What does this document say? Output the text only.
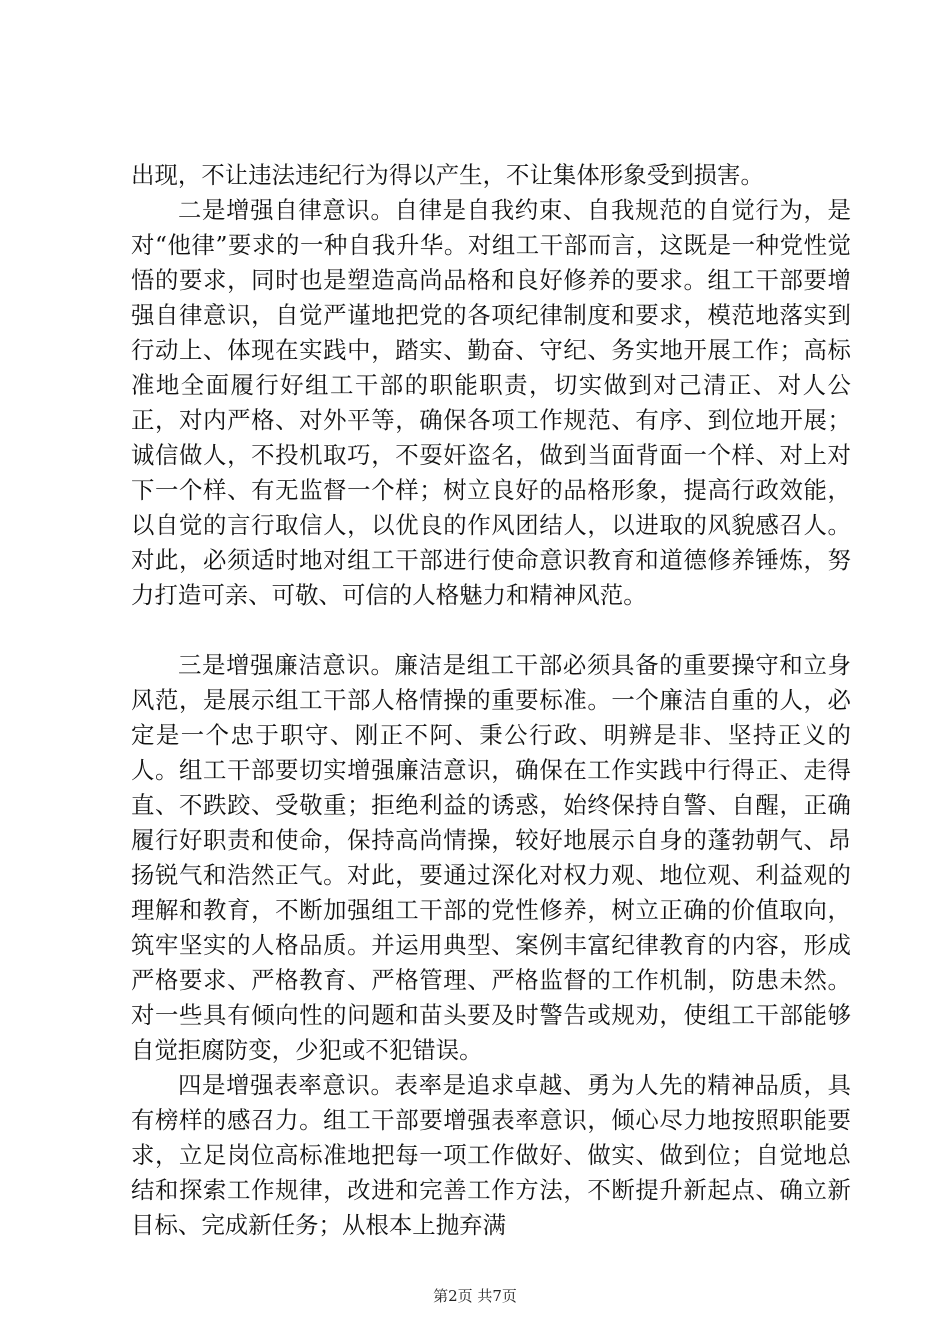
出现，不让违法违纪行为得以产生，不让集体形象受到损害。

二是增强自律意识。自律是自我约束、自我规范的自觉行为，是对“他律”要求的一种自我升华。对组工干部而言，这既是一种党性觉悟的要求，同时也是塑造高尚品格和良好修养的要求。组工干部要增强自律意识，自觉严谨地把党的各项纪律制度和要求，模范地落实到行动上、体现在实践中，踏实、勤奋、守纪、务实地开展工作；高标准地全面履行好组工干部的职能职责，切实做到对己清正、对人公正，对内严格、对外平等，确保各项工作规范、有序、到位地开展；诚信做人，不投机取巧，不耍奸盗名，做到当面背面一个样、对上对下一个样、有无监督一个样；树立良好的品格形象，提高行政效能，以自觉的言行取信人，以优良的作风团结人，以进取的风貌感召人。对此，必须适时地对组工干部进行使命意识教育和道德修养锤炼，努力打造可亲、可敬、可信的人格魅力和精神风范。

三是增强廉洁意识。廉洁是组工干部必须具备的重要操守和立身风范，是展示组工干部人格情操的重要标准。一个廉洁自重的人，必定是一个忠于职守、刚正不阿、秉公行政、明辨是非、坚持正义的人。组工干部要切实增强廉洁意识，确保在工作实践中行得正、走得直、不跌跤、受敬重；拒绝利益的诱惑，始终保持自警、自醒，正确履行好职责和使命，保持高尚情操，较好地展示自身的蓬勃朝气、昂扬锐气和浩然正气。对此，要通过深化对权力观、地位观、利益观的理解和教育，不断加强组工干部的党性修养，树立正确的价值取向，筑牢坚实的人格品质。并运用典型、案例丰富纪律教育的内容，形成严格要求、严格教育、严格管理、严格监督的工作机制，防患未然。对一些具有倾向性的问题和苗头要及时警告或规劝，使组工干部能够自觉拒腐防变，少犯或不犯错误。

四是增强表率意识。表率是追求卓越、勇为人先的精神品质，具有榜样的感召力。组工干部要增强表率意识，倾心尽力地按照职能要求，立足岗位高标准地把每一项工作做好、做实、做到位；自觉地总结和探索工作规律，改进和完善工作方法，不断提升新起点、确立新目标、完成新任务；从根本上抛弃满

第2页 共7页
